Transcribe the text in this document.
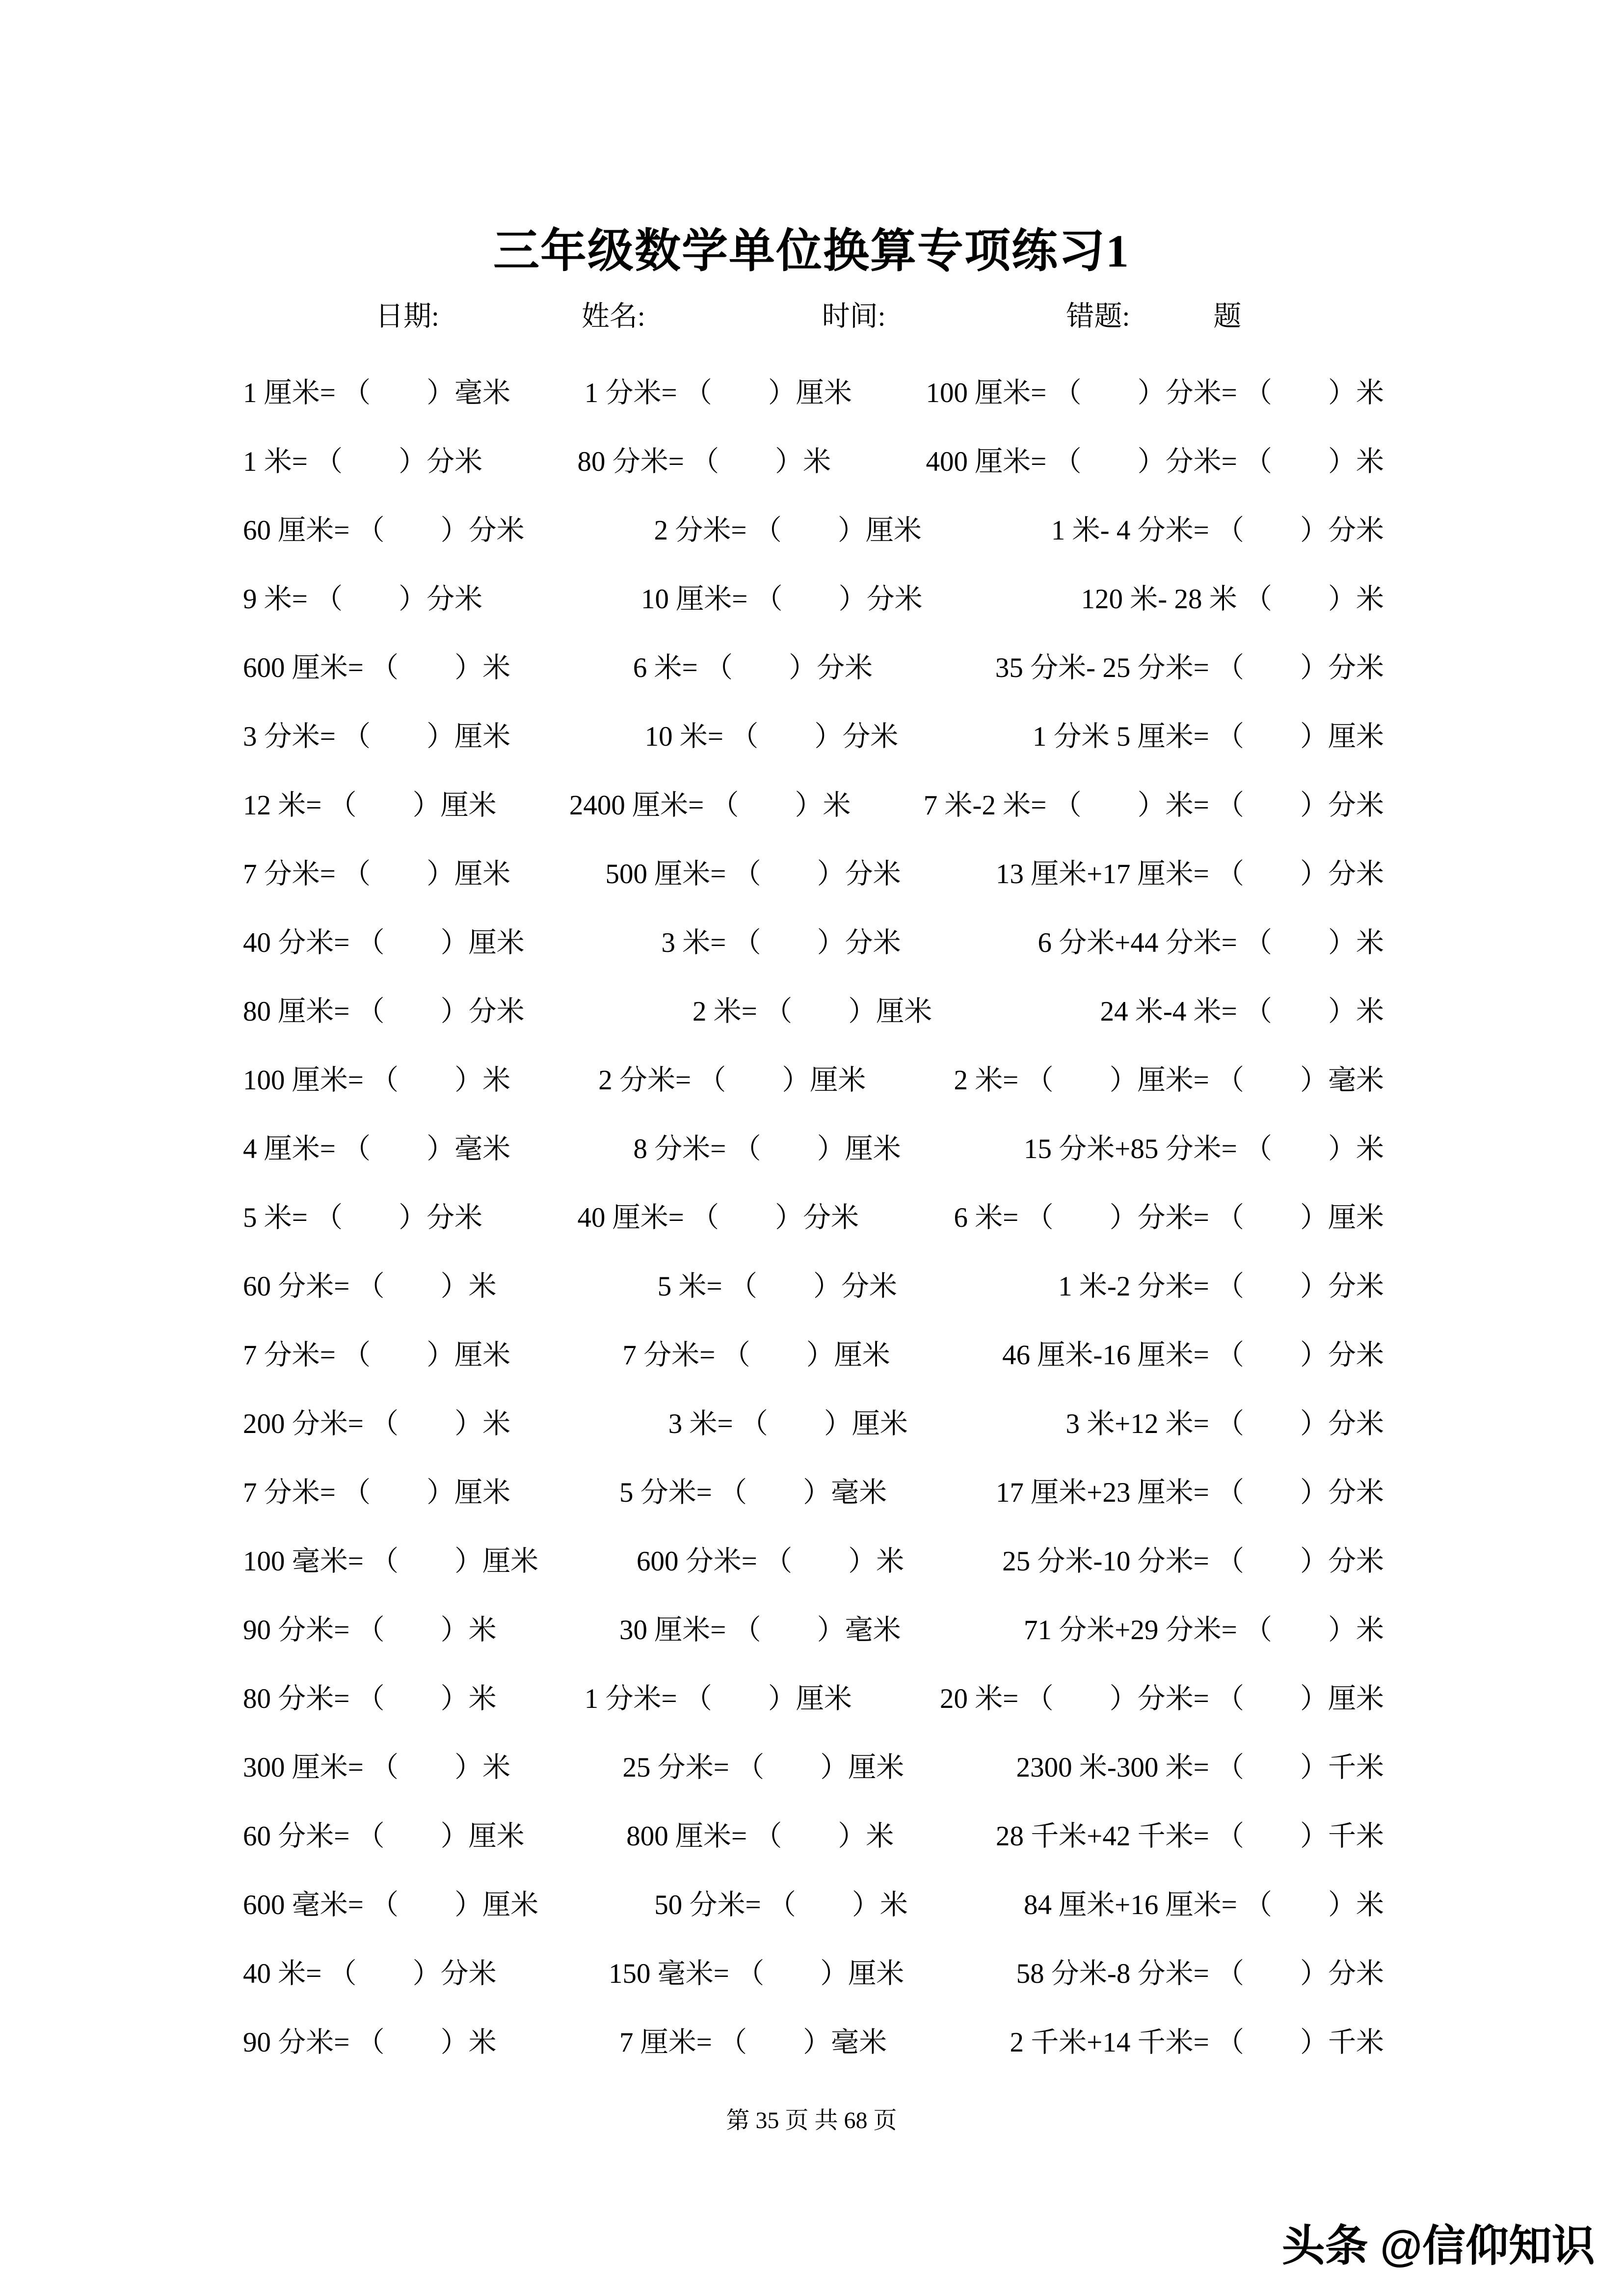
三年级数学单位换算专项练习1
日期:	姓名:	时间:	错题:	题
1 厘米= （　　）毫米	1 分米= （　　）厘米	100 厘米= （　　）分米= （　　）米
1 米= （　　）分米	80 分米= （　　）米	400 厘米= （　　）分米= （　　）米
60 厘米= （　　）分米	2 分米= （　　）厘米	1 米- 4 分米= （　　）分米
9 米= （　　）分米	10 厘米= （　　）分米	120 米- 28 米 （　　）米
600 厘米= （　　）米	6 米= （　　）分米	35 分米- 25 分米= （　　）分米
3 分米= （　　）厘米	10 米= （　　）分米	1 分米 5 厘米= （　　）厘米
12 米= （　　）厘米	2400 厘米= （　　）米	7 米-2 米= （　　）米= （　　）分米
7 分米= （　　）厘米	500 厘米= （　　）分米	13 厘米+17 厘米= （　　）分米
40 分米= （　　）厘米	3 米= （　　）分米	6 分米+44 分米= （　　）米
80 厘米= （　　）分米	2 米= （　　）厘米	24 米-4 米= （　　）米
100 厘米= （　　）米	2 分米= （　　）厘米	2 米= （　　）厘米= （　　）毫米
4 厘米= （　　）毫米	8 分米= （　　）厘米	15 分米+85 分米= （　　）米
5 米= （　　）分米	40 厘米= （　　）分米	6 米= （　　）分米= （　　）厘米
60 分米= （　　）米	5 米= （　　）分米	1 米-2 分米= （　　）分米
7 分米= （　　）厘米	7 分米= （　　）厘米	46 厘米-16 厘米= （　　）分米
200 分米= （　　）米	3 米= （　　）厘米	3 米+12 米= （　　）分米
7 分米= （　　）厘米	5 分米= （　　）毫米	17 厘米+23 厘米= （　　）分米
100 毫米= （　　）厘米	600 分米= （　　）米	25 分米-10 分米= （　　）分米
90 分米= （　　）米	30 厘米= （　　）毫米	71 分米+29 分米= （　　）米
80 分米= （　　）米	1 分米= （　　）厘米	20 米= （　　）分米= （　　）厘米
300 厘米= （　　）米	25 分米= （　　）厘米	2300 米-300 米= （　　）千米
60 分米= （　　）厘米	800 厘米= （　　）米	28 千米+42 千米= （　　）千米
600 毫米= （　　）厘米	50 分米= （　　）米	84 厘米+16 厘米= （　　）米
40 米= （　　）分米	150 毫米= （　　）厘米	58 分米-8 分米= （　　）分米
90 分米= （　　）米	7 厘米= （　　）毫米	2 千米+14 千米= （　　）千米
第 35 页 共 68 页
头条 @信仰知识
